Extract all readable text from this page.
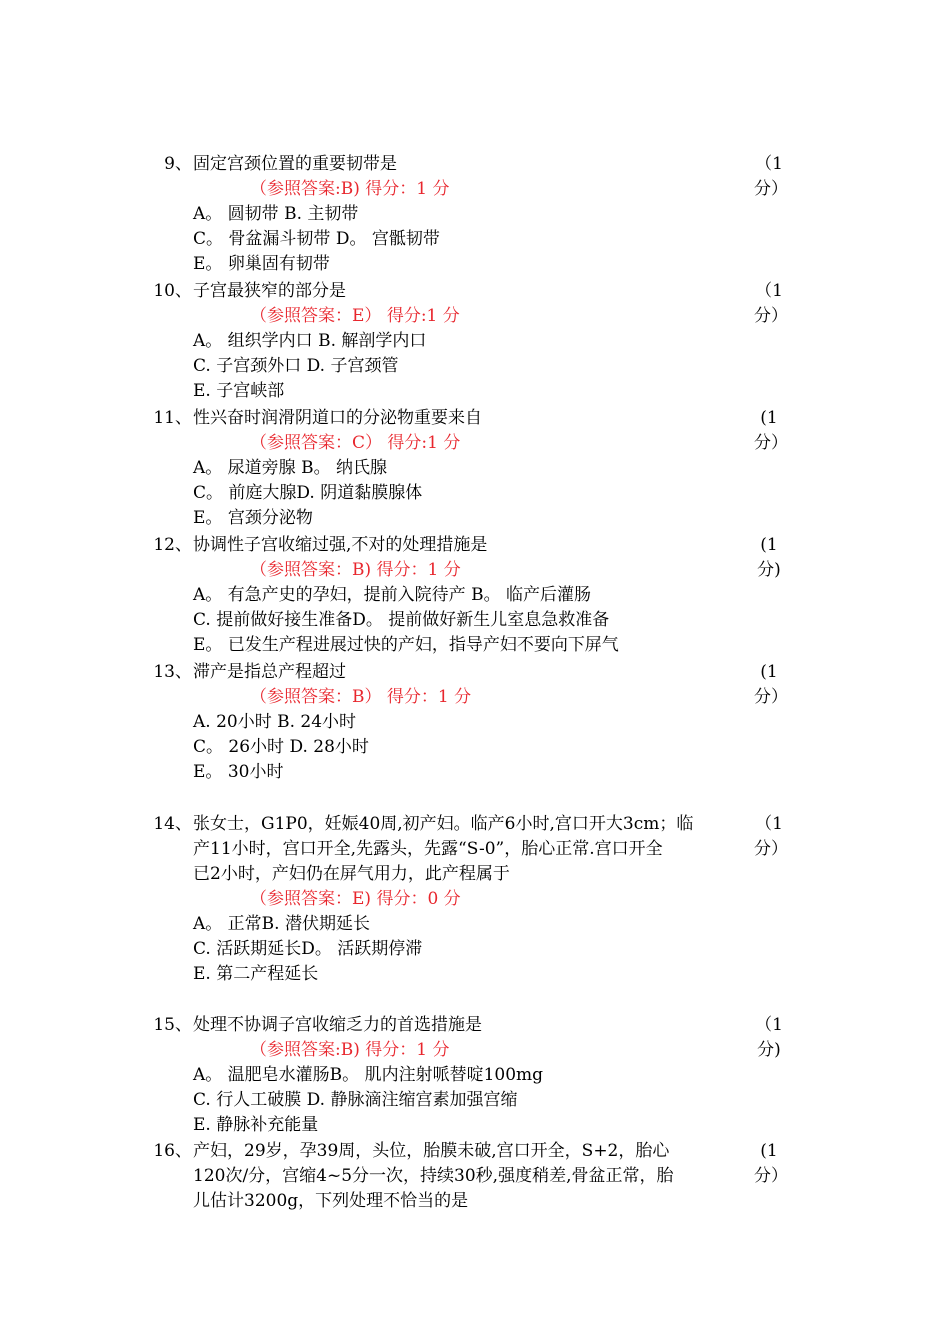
9、 固定宫颈位置的重要韧带是	（1
分）
（参照答案:B) 得分：1 分
A。 圆韧带 B. 主韧带
C。 骨盆漏斗韧带 D。 宫骶韧带
E。 卵巢固有韧带
10、 子宫最狭窄的部分是	（1
分）
（参照答案：E） 得分:1 分
A。 组织学内口 B. 解剖学内口
C. 子宫颈外口 D. 子宫颈管
E. 子宫峡部
11、 性兴奋时润滑阴道口的分泌物重要来自	(1
分）
（参照答案：C） 得分:1 分
A。 尿道旁腺 B。 纳氏腺
C。 前庭大腺D. 阴道黏膜腺体
E。 宫颈分泌物
12、 协调性子宫收缩过强,不对的处理措施是	(1
分)
（参照答案：B) 得分：1 分
A。 有急产史的孕妇，提前入院待产 B。 临产后灌肠
C. 提前做好接生准备D。 提前做好新生儿室息急救准备
E。 已发生产程进展过快的产妇，指导产妇不要向下屏气
13、 滞产是指总产程超过	(1
分）
（参照答案：B） 得分：1 分
A. 20小时 B. 24小时
C。 26小时 D. 28小时
E。 30小时
14、 张女士，G1P0，妊娠40周,初产妇。临产6小时,宫口开大3cm；临	（1
产11小时，宫口开全,先露头，先露“S-0”，胎心正常.宫口开全	分）
已2小时，产妇仍在屏气用力，此产程属于
（参照答案：E) 得分：0 分
A。 正常B. 潜伏期延长
C. 活跃期延长D。 活跃期停滞
E. 第二产程延长
15、 处理不协调子宫收缩乏力的首选措施是	（1
分)
（参照答案:B) 得分：1 分
A。 温肥皂水灌肠B。 肌内注射哌替啶100mg
C. 行人工破膜 D. 静脉滴注缩宫素加强宫缩
E. 静脉补充能量
16、 产妇，29岁，孕39周，头位，胎膜未破,宫口开全，S+2，胎心	(1
120次/分，宫缩4~5分一次，持续30秒,强度稍差,骨盆正常，胎	分）
儿估计3200g，下列处理不恰当的是
